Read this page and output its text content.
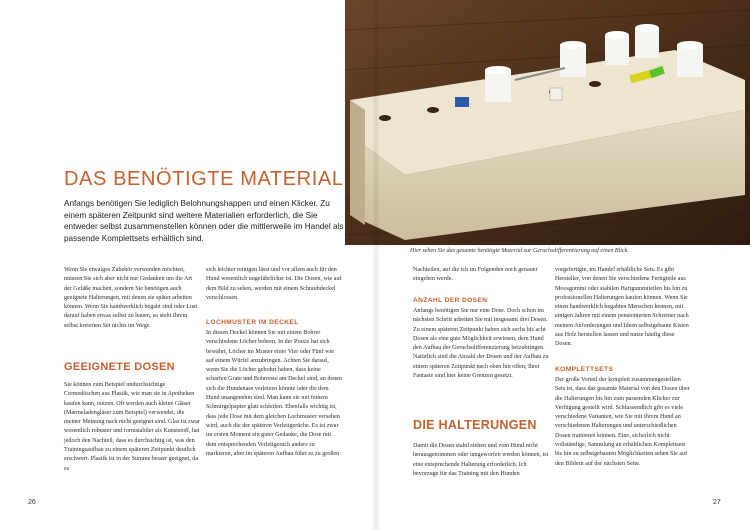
Hier sehen Sie das gesamte benötigte Material zur Geruchsdifferenzierung auf einen Blick.
DAS BENÖTIGTE MATERIAL

Anfangs benötigen Sie lediglich Belohnungshappen und einen Klicker. Zu einem späteren Zeitpunkt sind weitere Materialien erforderlich, die Sie entweder selbst zusammenstellen können oder die mittlerweile im Handel als passende Komplettsets erhältlich sind.

Wenn Sie etwaiges Zubehör verwenden möchten, müssen Sie sich aber nicht nur Gedanken um die Art der Gefäße machen, sondern Sie benötigen auch geeignete Halterungen, mit denen sie später arbeiten können. Wenn Sie handwerklich begabt sind oder Lust darauf haben etwas selbst zu bauen, so steht Ihrem selbst kreierten Set nichts im Wege.

GEEIGNETE DOSEN

Sie können zum Beispiel undurchsichtige Cremedöschen aus Plastik, wie man sie in Apotheken kaufen kann, nutzen. Oft werden auch kleine Gläser (Marmeladengläser zum Beispiel) verwendet, die meiner Meinung nach nicht geeignet sind. Glas ist zwar wesentlich robuster und formstabiler als Kunststoff, hat jedoch den Nachteil, dass es durchsichtig ist, was den Trainingsaufbau zu einem späteren Zeitpunkt deutlich erschwert. Plastik ist in der Summe besser geeignet, da es

sich leichter reinigen lässt und vor allem auch für den Hund wesentlich ungefährlicher ist. Die Dosen, wie auf dem Bild zu sehen, werden mit einem Schraubdeckel verschlossen.

LOCHMUSTER IM DECKEL

In diesen Deckel können Sie mit einem Bohrer verschiedene Löcher bohren. In der Praxis hat sich bewährt, Löcher im Muster einer Vier oder Fünf wie auf einem Würfel anzubringen. Achten Sie darauf, wenn Sie die Löcher gebohrt haben, dass keine scharfen Grate und Bohrreste am Deckel sind, an denen sich die Hundenase verletzen könnte oder die dem Hund unangenehm sind. Man kann sie mit feinem Schmirgelpapier glatt schleifen. Ebenfalls wichtig ist, dass jede Dose mit dem gleichen Lochmuster versehen wird, auch die der späteren Verleitgerüche. Es ist zwar im ersten Moment ein guter Gedanke, die Dose mit dem entsprechenden Verleitgeruch anders zu markieren, aber im späteren Aufbau führt es zu großen

Nachteilen, auf die ich im Folgenden noch genauer eingehen werde.

ANZAHL DER DOSEN

Anfangs benötigen Sie nur eine Dose. Doch schon im nächsten Schritt arbeiten Sie mit insgesamt drei Dosen. Zu einem späteren Zeitpunkt haben sich sechs bis acht Dosen als eine gute Möglichkeit erwiesen, dem Hund den Aufbau der Geruchsdifferenzierung beizubringen. Natürlich sind die Anzahl der Dosen und der Aufbau zu einem späteren Zeitpunkt nach oben hin offen, Ihrer Fantasie sind hier keine Grenzen gesetzt.

DIE HALTERUNGEN

Damit die Dosen stabil stehen und vom Hund nicht herausgenommen oder umgeworfen werden können, ist eine entsprechende Halterung erforderlich. Ich bevorzuge für das Training mit den Hunden

vorgefertigte, im Handel erhältliche Sets. Es gibt Hersteller, von denen Sie verschiedene Fertigteile aus Moosgummi oder stabilen Hartgummiteilen bis hin zu professionellen Halterungen kaufen können. Wenn Sie einen handwerklich begabten Menschen kennen, mit einigen Jahren mit einem pensionierten Schreiner nach meinen Anforderungen und Ideen selbstgebaute Kisten aus Holz herstellen lassen und nutze häufig diese Dosen.

KOMPLETTSETS

Der große Vorteil der komplett zusammengestellten Sets ist, dass das gesamte Material von den Dosen über die Halterungen bis hin zum passenden Klicker zur Verfügung gestellt wird. Schlussendlich gibt es viele verschiedene Varianten, wie Sie mit Ihrem Hund an verschiedenen Halterungen und unterschiedlichen Dosen trainieren können. Eine, sicherlich nicht vollständige, Sammlung an erhältlichen Komplettsets bis hin zu selbstgebauten Möglichkeiten sehen Sie auf den Bildern auf der nächsten Seite.

26	27
